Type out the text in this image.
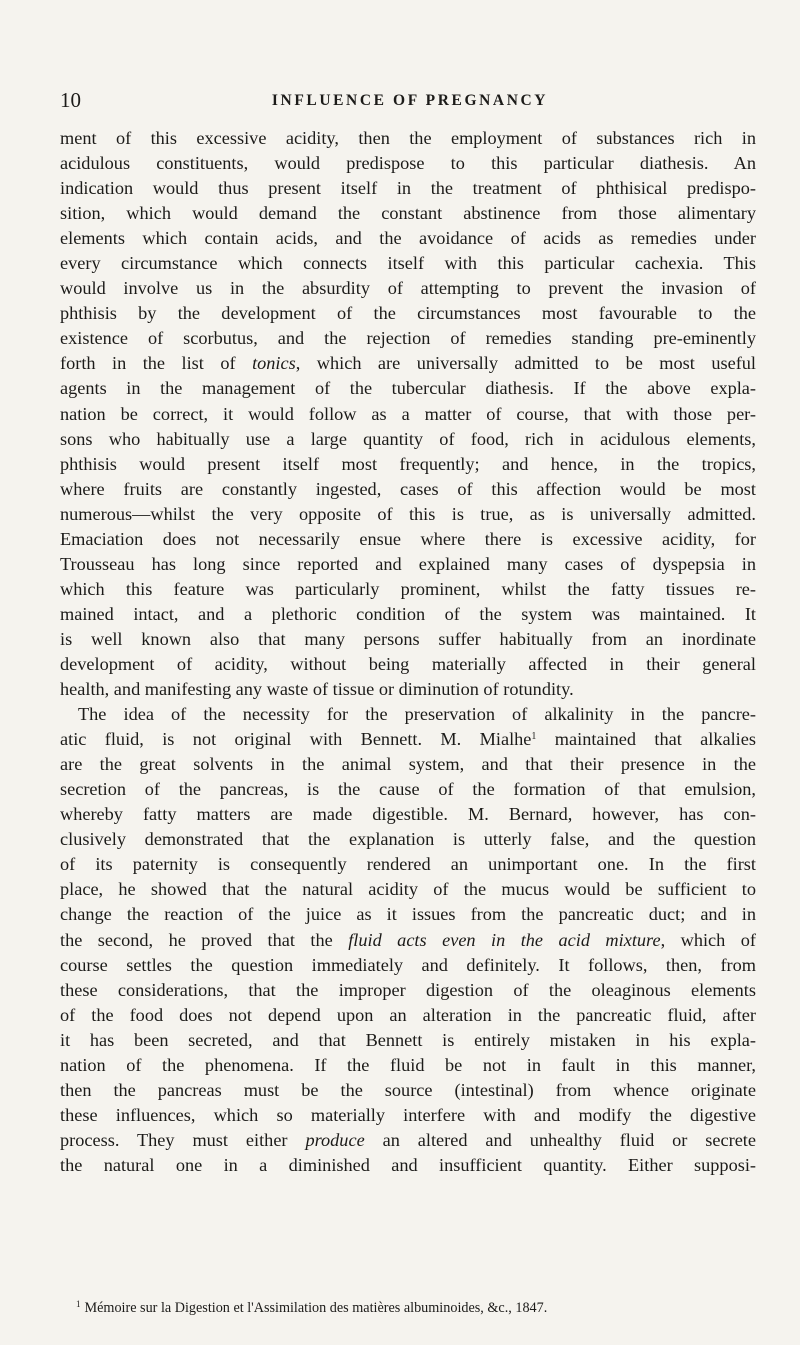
10	INFLUENCE OF PREGNANCY
ment of this excessive acidity, then the employment of substances rich in
acidulous constituents, would predispose to this particular diathesis. An
indication would thus present itself in the treatment of phthisical predispo-
sition, which would demand the constant abstinence from those alimentary
elements which contain acids, and the avoidance of acids as remedies under
every circumstance which connects itself with this particular cachexia. This
would involve us in the absurdity of attempting to prevent the invasion of
phthisis by the development of the circumstances most favourable to the
existence of scorbutus, and the rejection of remedies standing pre-eminently
forth in the list of tonics, which are universally admitted to be most useful
agents in the management of the tubercular diathesis. If the above expla-
nation be correct, it would follow as a matter of course, that with those per-
sons who habitually use a large quantity of food, rich in acidulous elements,
phthisis would present itself most frequently; and hence, in the tropics,
where fruits are constantly ingested, cases of this affection would be most
numerous—whilst the very opposite of this is true, as is universally admitted.
Emaciation does not necessarily ensue where there is excessive acidity, for
Trousseau has long since reported and explained many cases of dyspepsia in
which this feature was particularly prominent, whilst the fatty tissues re-
mained intact, and a plethoric condition of the system was maintained. It
is well known also that many persons suffer habitually from an inordinate
development of acidity, without being materially affected in their general
health, and manifesting any waste of tissue or diminution of rotundity.
The idea of the necessity for the preservation of alkalinity in the pancre-
atic fluid, is not original with Bennett. M. Mialhe$^1$ maintained that alkalies
are the great solvents in the animal system, and that their presence in the
secretion of the pancreas, is the cause of the formation of that emulsion,
whereby fatty matters are made digestible. M. Bernard, however, has con-
clusively demonstrated that the explanation is utterly false, and the question
of its paternity is consequently rendered an unimportant one. In the first
place, he showed that the natural acidity of the mucus would be sufficient to
change the reaction of the juice as it issues from the pancreatic duct; and in
the second, he proved that the fluid acts even in the acid mixture, which of
course settles the question immediately and definitely. It follows, then, from
these considerations, that the improper digestion of the oleaginous elements
of the food does not depend upon an alteration in the pancreatic fluid, after
it has been secreted, and that Bennett is entirely mistaken in his expla-
nation of the phenomena. If the fluid be not in fault in this manner,
then the pancreas must be the source (intestinal) from whence originate
these influences, which so materially interfere with and modify the digestive
process. They must either produce an altered and unhealthy fluid or secrete
the natural one in a diminished and insufficient quantity. Either supposi-
$^1$ Mémoire sur la Digestion et l'Assimilation des matières albuminoides, &c., 1847.
